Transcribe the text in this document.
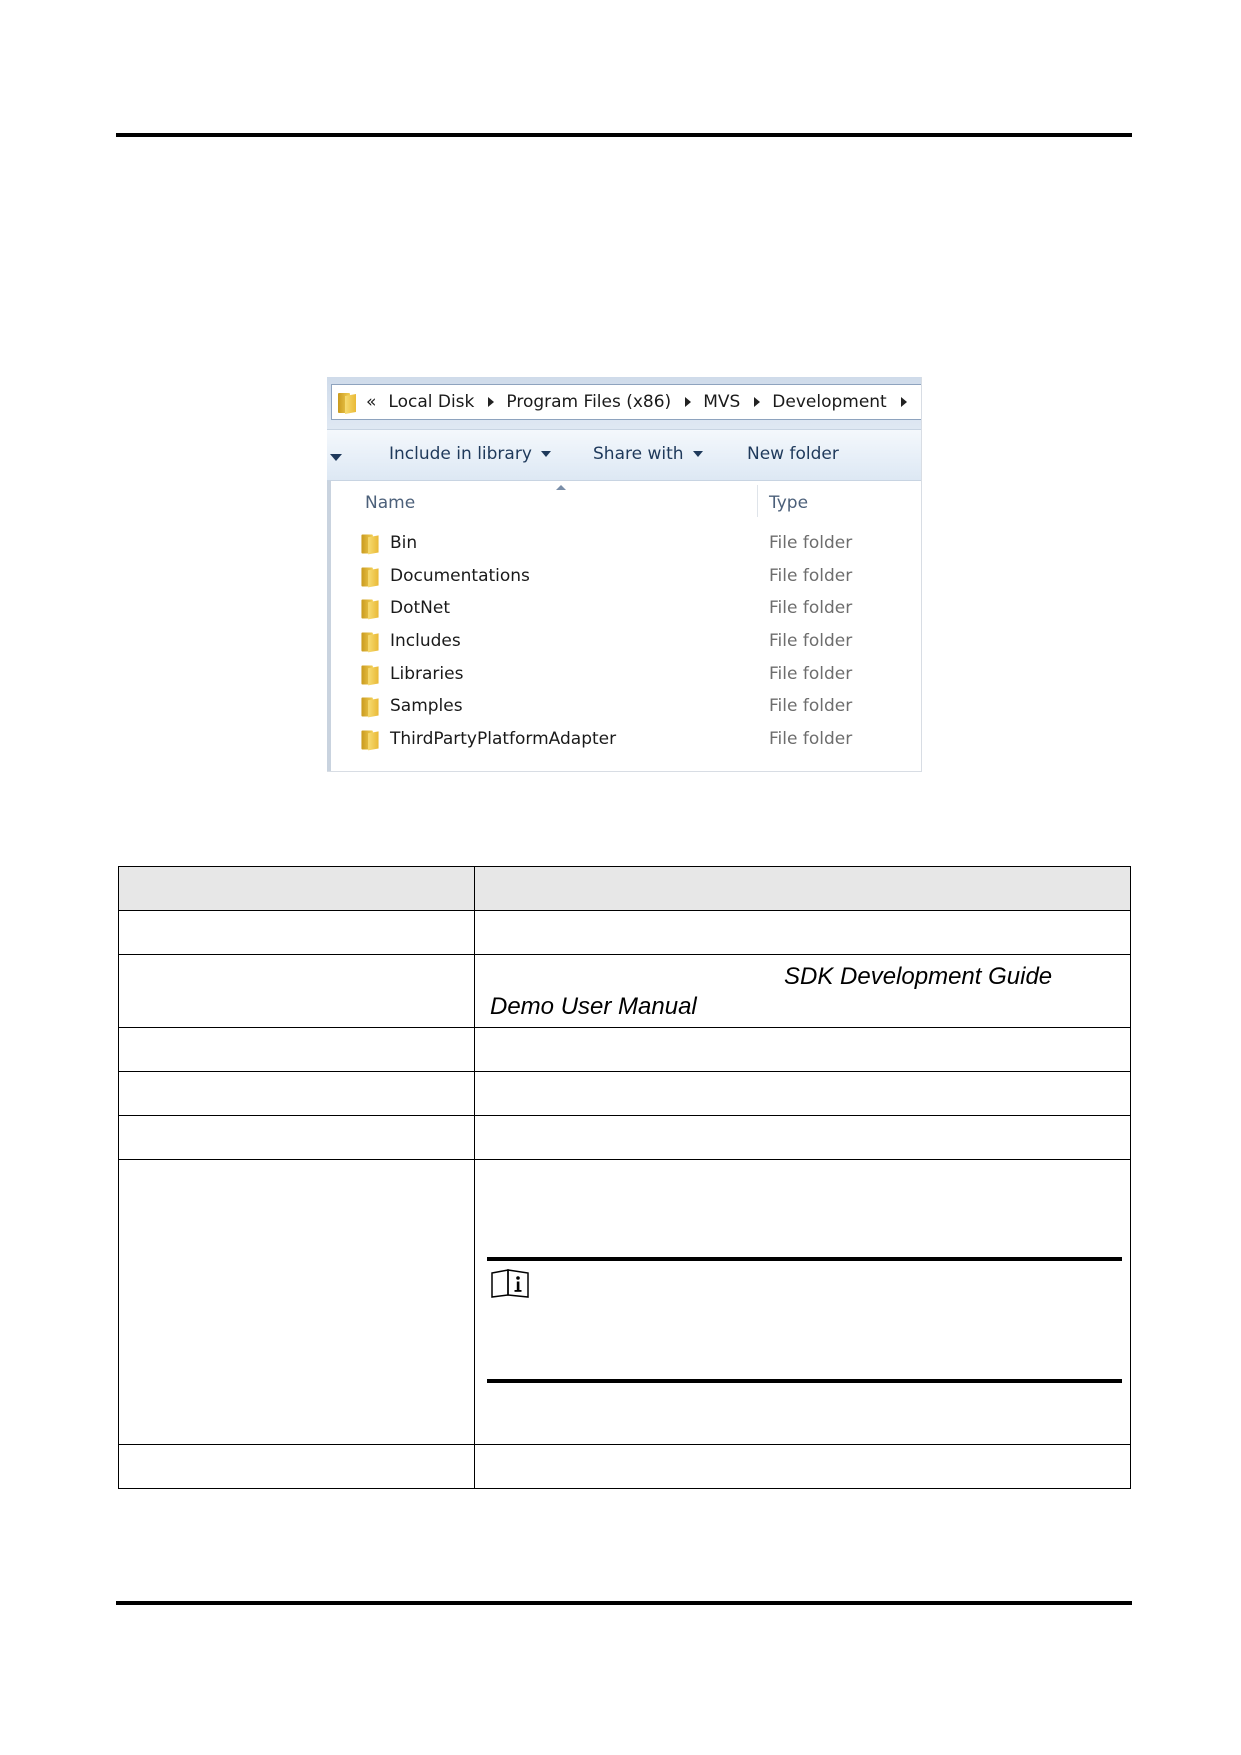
« Local Disk Program Files (x86) MVS Development
Include in library	Share with	New folder
Name	Type
Bin	File folder
Documentations	File folder
DotNet	File folder
Includes	File folder
Libraries	File folder
Samples	File folder
ThirdPartyPlatformAdapter	File folder

SDK Development Guide
Demo User Manual
